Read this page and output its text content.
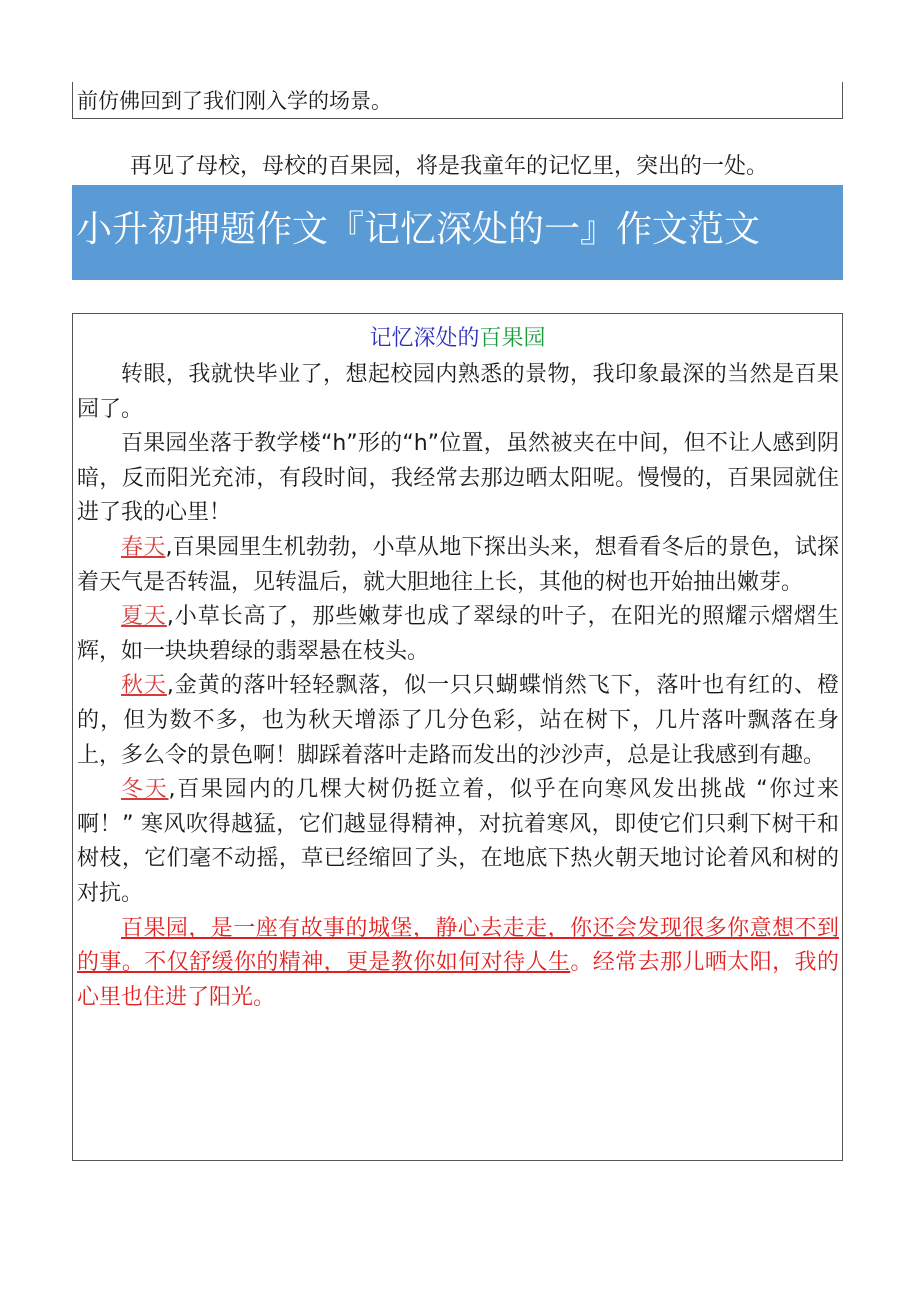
前仿佛回到了我们刚入学的场景。
再见了母校，母校的百果园，将是我童年的记忆里，突出的一处。
小升初押题作文『记忆深处的一』作文范文
记忆深处的百果园

转眼，我就快毕业了，想起校园内熟悉的景物，我印象最深的当然是百果园了。

百果园坐落于教学楼“h”形的“h”位置，虽然被夹在中间，但不让人感到阴暗，反而阳光充沛，有段时间，我经常去那边晒太阳呢。慢慢的，百果园就住进了我的心里！

春天,百果园里生机勃勃，小草从地下探出头来，想看看冬后的景色，试探着天气是否转温，见转温后，就大胆地往上长，其他的树也开始抽出嫩芽。

夏天,小草长高了，那些嫩芽也成了翠绿的叶子，在阳光的照耀示熠熠生辉，如一块块碧绿的翡翠悬在枝头。

秋天,金黄的落叶轻轻飘落，似一只只蝴蝶悄然飞下，落叶也有红的、橙的，但为数不多，也为秋天增添了几分色彩，站在树下，几片落叶飘落在身上，多么令的景色啊！脚踩着落叶走路而发出的沙沙声，总是让我感到有趣。

冬天,百果园内的几棵大树仍挺立着，似乎在向寒风发出挑战 “你过来啊！” 寒风吹得越猛，它们越显得精神，对抗着寒风，即使它们只剩下树干和树枝，它们毫不动摇，草已经缩回了头，在地底下热火朝天地讨论着风和树的对抗。

百果园，是一座有故事的城堡，静心去走走，你还会发现很多你意想不到的事。不仅舒缓你的精神，更是教你如何对待人生。经常去那儿晒太阳，我的心里也住进了阳光。
